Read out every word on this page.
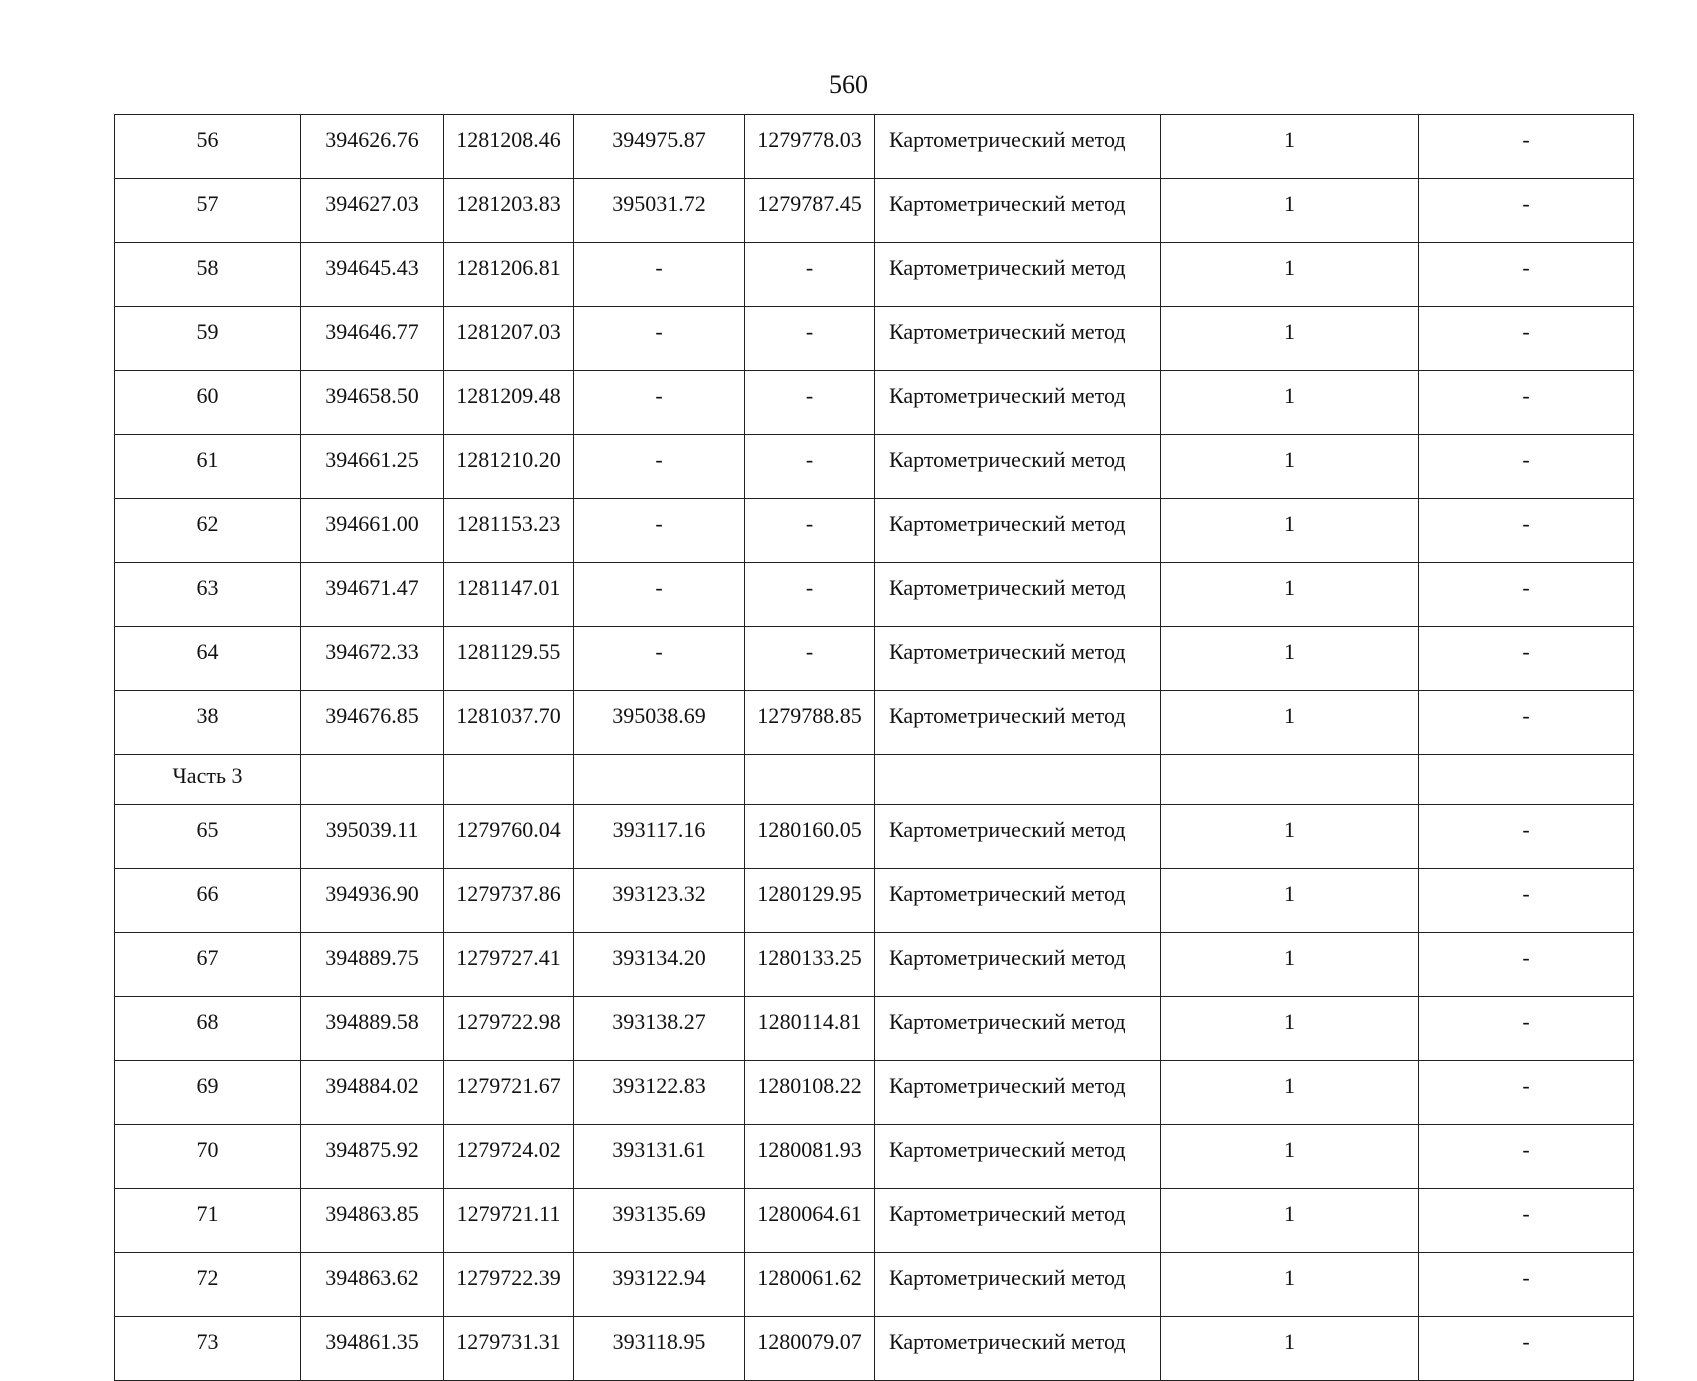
560
56	394626.76	1281208.46	394975.87	1279778.03	Картометрический метод	1	-
57	394627.03	1281203.83	395031.72	1279787.45	Картометрический метод	1	-
58	394645.43	1281206.81	-	-	Картометрический метод	1	-
59	394646.77	1281207.03	-	-	Картометрический метод	1	-
60	394658.50	1281209.48	-	-	Картометрический метод	1	-
61	394661.25	1281210.20	-	-	Картометрический метод	1	-
62	394661.00	1281153.23	-	-	Картометрический метод	1	-
63	394671.47	1281147.01	-	-	Картометрический метод	1	-
64	394672.33	1281129.55	-	-	Картометрический метод	1	-
38	394676.85	1281037.70	395038.69	1279788.85	Картометрический метод	1	-
Часть 3							
65	395039.11	1279760.04	393117.16	1280160.05	Картометрический метод	1	-
66	394936.90	1279737.86	393123.32	1280129.95	Картометрический метод	1	-
67	394889.75	1279727.41	393134.20	1280133.25	Картометрический метод	1	-
68	394889.58	1279722.98	393138.27	1280114.81	Картометрический метод	1	-
69	394884.02	1279721.67	393122.83	1280108.22	Картометрический метод	1	-
70	394875.92	1279724.02	393131.61	1280081.93	Картометрический метод	1	-
71	394863.85	1279721.11	393135.69	1280064.61	Картометрический метод	1	-
72	394863.62	1279722.39	393122.94	1280061.62	Картометрический метод	1	-
73	394861.35	1279731.31	393118.95	1280079.07	Картометрический метод	1	-
